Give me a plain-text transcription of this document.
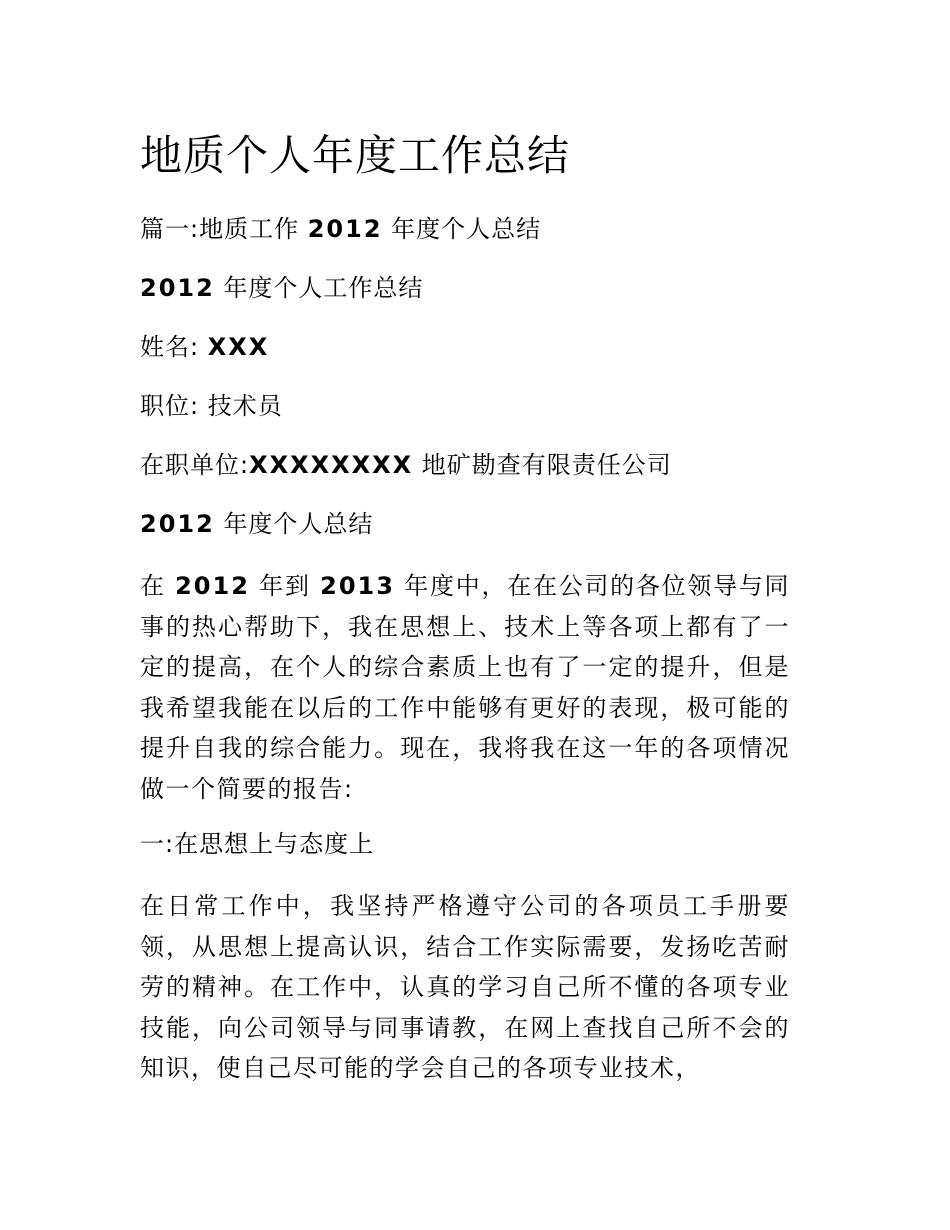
地质个人年度工作总结
篇一:地质工作 2012 年度个人总结
2012 年度个人工作总结
姓名: XXX
职位: 技术员
在职单位:XXXXXXXX 地矿勘查有限责任公司
2012 年度个人总结

在 2012 年到 2013 年度中，在在公司的各位领导与同事的热心帮助下，我在思想上、技术上等各项上都有了一定的提高，在个人的综合素质上也有了一定的提升，但是我希望我能在以后的工作中能够有更好的表现，极可能的提升自我的综合能力。现在，我将我在这一年的各项情况做一个简要的报告:

一:在思想上与态度上

在日常工作中，我坚持严格遵守公司的各项员工手册要领，从思想上提高认识，结合工作实际需要，发扬吃苦耐劳的精神。在工作中，认真的学习自己所不懂的各项专业技能，向公司领导与同事请教，在网上查找自己所不会的知识，使自己尽可能的学会自己的各项专业技术，
